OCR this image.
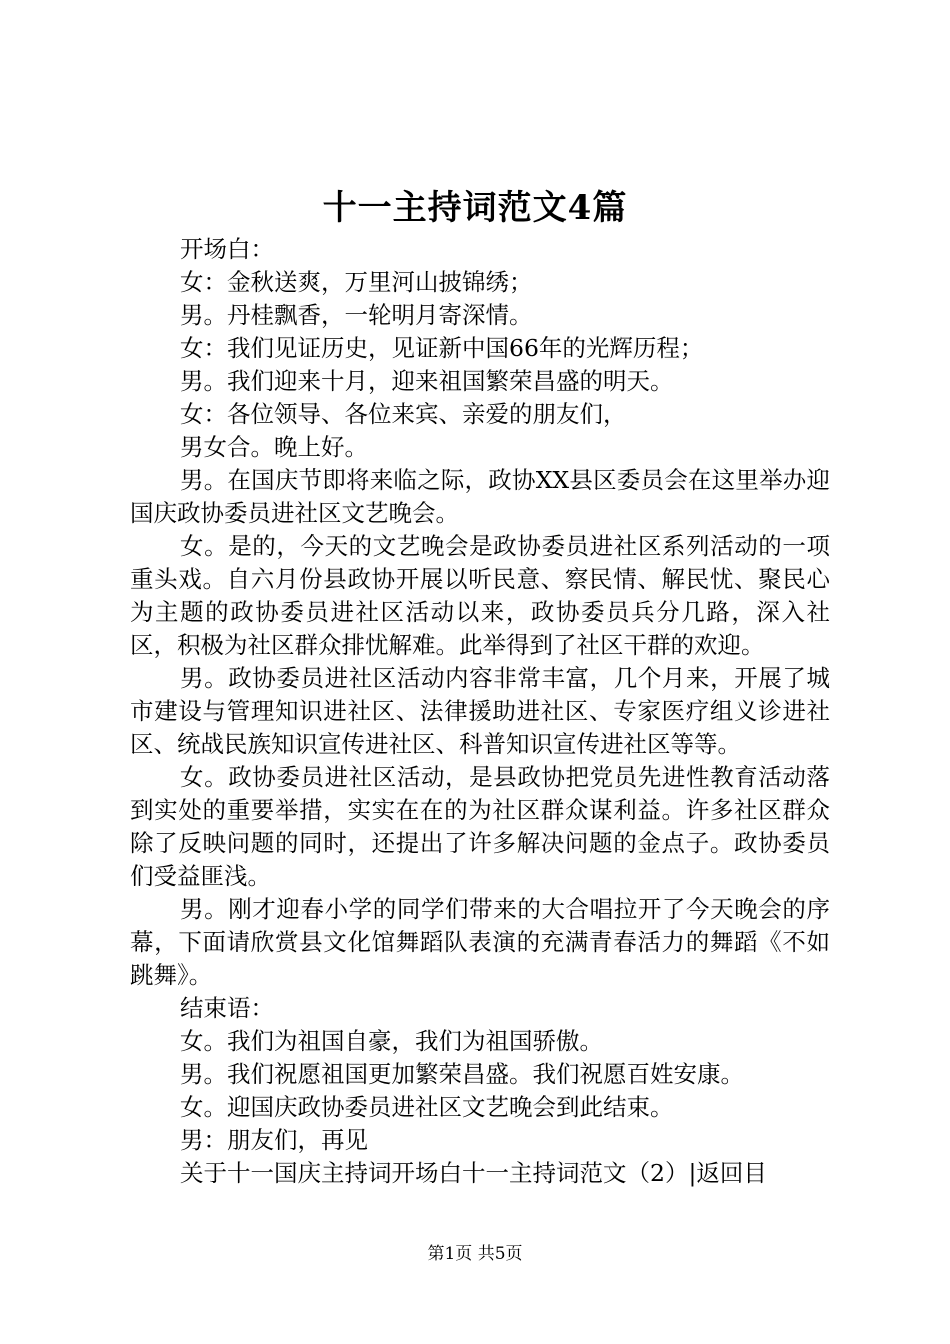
十一主持词范文4篇

开场白：

女：金秋送爽，万里河山披锦绣；

男。丹桂飘香，一轮明月寄深情。

女：我们见证历史，见证新中国66年的光辉历程；

男。我们迎来十月，迎来祖国繁荣昌盛的明天。

女：各位领导、各位来宾、亲爱的朋友们，

男女合。晚上好。

男。在国庆节即将来临之际，政协XX县区委员会在这里举办迎国庆政协委员进社区文艺晚会。

女。是的，今天的文艺晚会是政协委员进社区系列活动的一项重头戏。自六月份县政协开展以听民意、察民情、解民忧、聚民心为主题的政协委员进社区活动以来，政协委员兵分几路，深入社区，积极为社区群众排忧解难。此举得到了社区干群的欢迎。

男。政协委员进社区活动内容非常丰富，几个月来，开展了城市建设与管理知识进社区、法律援助进社区、专家医疗组义诊进社区、统战民族知识宣传进社区、科普知识宣传进社区等等。

女。政协委员进社区活动，是县政协把党员先进性教育活动落到实处的重要举措，实实在在的为社区群众谋利益。许多社区群众除了反映问题的同时，还提出了许多解决问题的金点子。政协委员们受益匪浅。

男。刚才迎春小学的同学们带来的大合唱拉开了今天晚会的序幕，下面请欣赏县文化馆舞蹈队表演的充满青春活力的舞蹈《不如跳舞》。

结束语：

女。我们为祖国自豪，我们为祖国骄傲。

男。我们祝愿祖国更加繁荣昌盛。我们祝愿百姓安康。

女。迎国庆政协委员进社区文艺晚会到此结束。

男：朋友们，再见

关于十一国庆主持词开场白十一主持词范文（2）|返回目

第1页 共5页
